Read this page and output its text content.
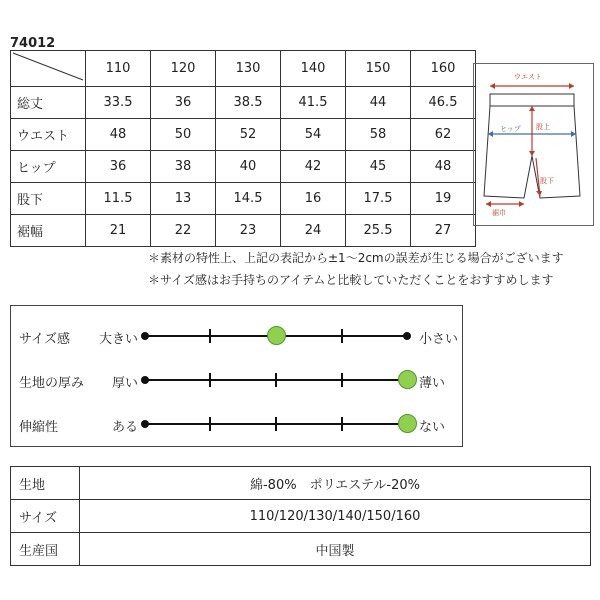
74012
	110	120	130	140	150	160
総丈	33.5	36	38.5	41.5	44	46.5
ウエスト	48	50	52	54	58	62
ヒップ	36	38	40	42	45	48
股下	11.5	13	14.5	16	17.5	19
裾幅	21	22	23	24	25.5	27
ウエスト
ヒップ 股上
股下
裾巾
＊素材の特性上、上記の表記から±1～2cmの誤差が生じる場合がございます
＊サイズ感はお手持ちのアイテムと比較していただくことをおすすめします
サイズ感 大きい	小さい
生地の厚み 厚い	薄い
伸縮性	ある	ない
生地	綿-80%　ポリエステル-20%
サイズ	110/120/130/140/150/160
生産国	中国製
